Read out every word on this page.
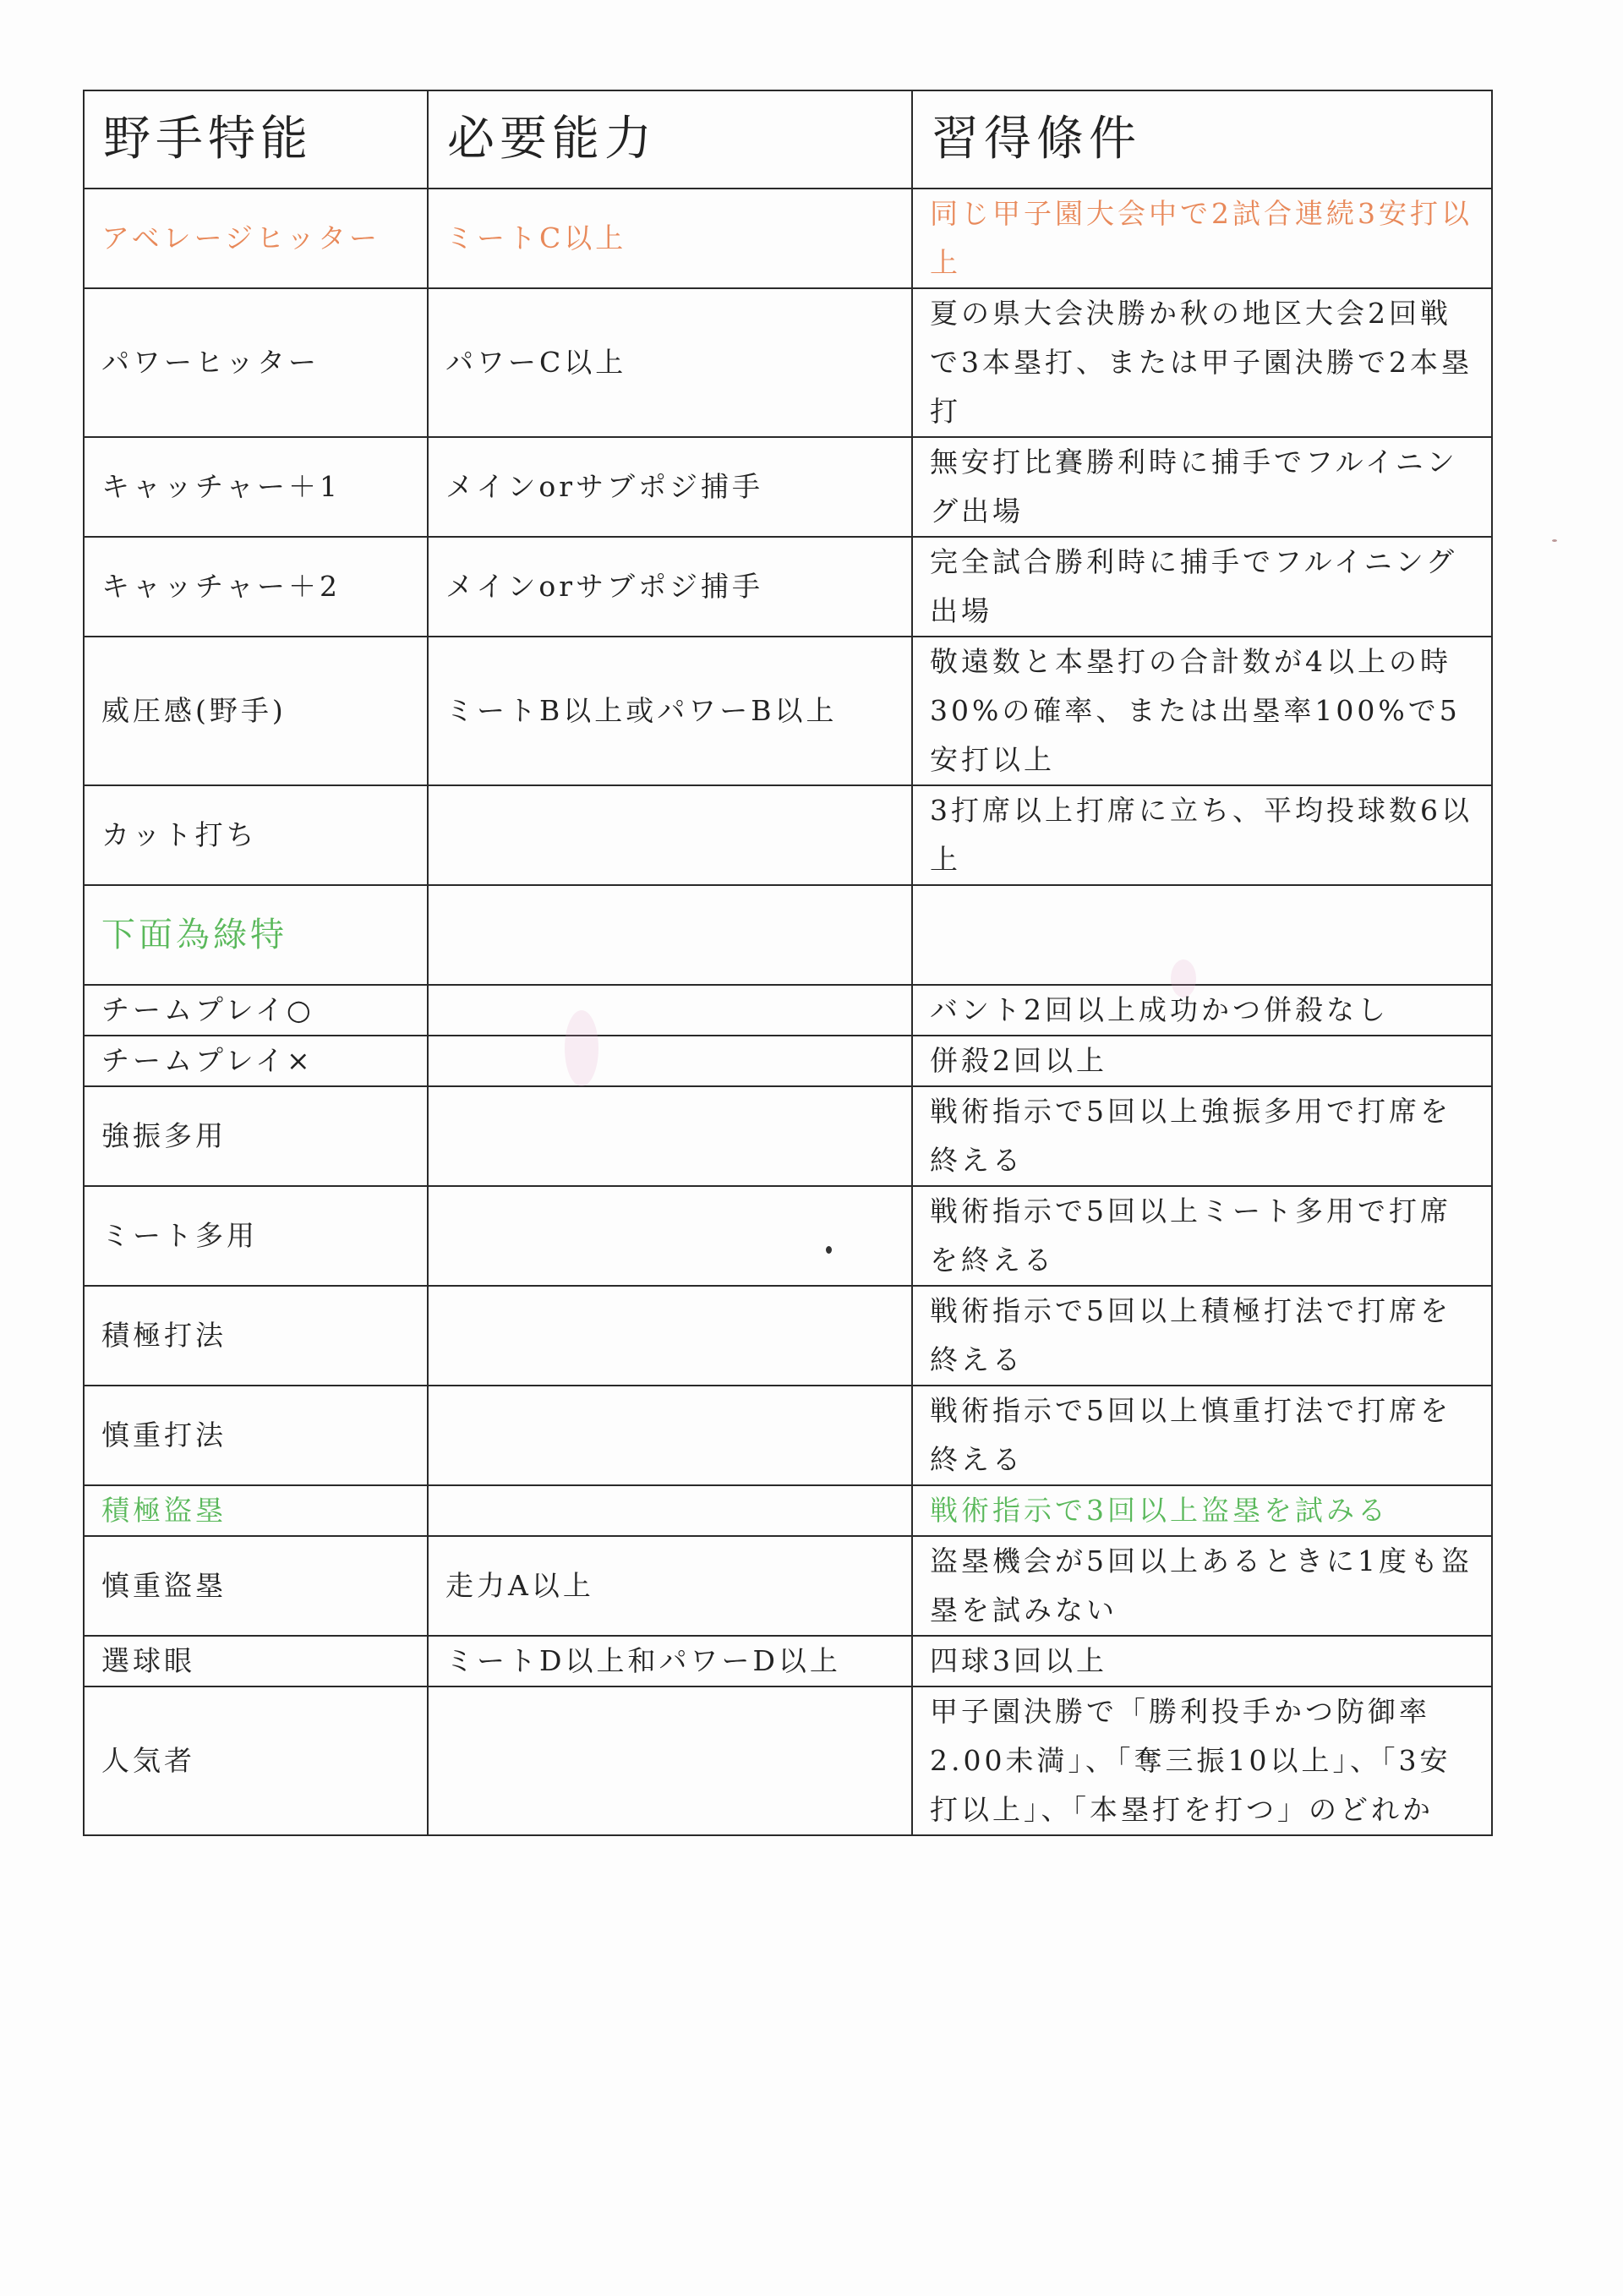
野手特能	必要能力	習得條件
アベレージヒッター	ミートC以上	同じ甲子園大会中で2試合連続3安打以上
パワーヒッター	パワーC以上	夏の県大会決勝か秋の地区大会2回戦で3本塁打、または甲子園決勝で2本塁打
キャッチャー＋1	メインorサブポジ捕手	無安打比賽勝利時に捕手でフルイニング出場
キャッチャー＋2	メインorサブポジ捕手	完全試合勝利時に捕手でフルイニング出場
威圧感(野手)	ミートB以上或パワーB以上	敬遠数と本塁打の合計数が4以上の時30%の確率、または出塁率100%で5安打以上
カット打ち		3打席以上打席に立ち、平均投球数6以上
下面為綠特		
チームプレイ○		バント2回以上成功かつ併殺なし
チームプレイ×		併殺2回以上
強振多用		戦術指示で5回以上強振多用で打席を終える
ミート多用		戦術指示で5回以上ミート多用で打席を終える
積極打法		戦術指示で5回以上積極打法で打席を終える
慎重打法		戦術指示で5回以上慎重打法で打席を終える
積極盜塁		戦術指示で3回以上盗塁を試みる
慎重盜塁	走力A以上	盗塁機会が5回以上あるときに1度も盗塁を試みない
選球眼	ミートD以上和パワーD以上	四球3回以上
人気者		甲子園決勝で「勝利投手かつ防御率2.00未満」、「奪三振10以上」、「3安打以上」、「本塁打を打つ」のどれか
